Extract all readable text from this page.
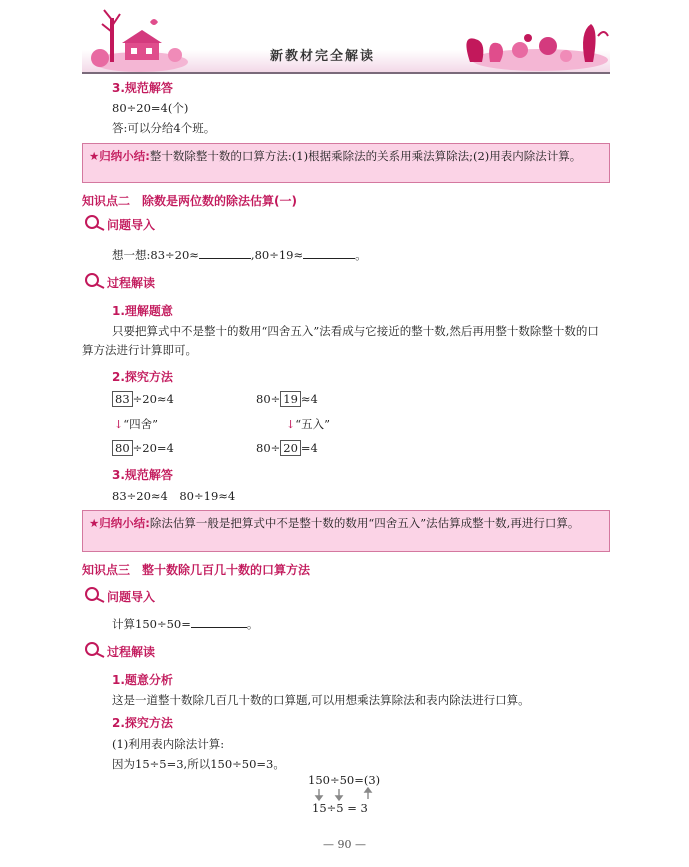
新教材完全解读
3.规范解答
80÷20=4(个)
答:可以分给4个班。
★归纳小结:整十数除整十数的口算方法:(1)根据乘除法的关系用乘法算除法;(2)用表内除法计算。
知识点二　除数是两位数的除法估算(一)
问题导入
想一想:83÷20≈	,80÷19≈	。
过程解读
1.理解题意
只要把算式中不是整十的数用“四舍五入”法看成与它接近的整十数,然后再用整十数除整十数的口算方法进行计算即可。
2.探究方法
83 ÷20≈4
↓“四舍”
80 ÷20=4
80÷ 19 ≈4
↓“五入”
80÷ 20 =4
3.规范解答
83÷20≈4　80÷19≈4
★归纳小结:除法估算一般是把算式中不是整十数的数用“四舍五入”法估算成整十数,再进行口算。
知识点三　整十数除几百几十数的口算方法
问题导入
计算150÷50=	。
过程解读
1.题意分析
这是一道整十数除几百几十数的口算题,可以用想乘法算除法和表内除法进行口算。
2.探究方法
(1)利用表内除法计算:
因为15÷5=3,所以150÷50=3。
150÷50=(3)
15÷5 = 3
— 90 —
